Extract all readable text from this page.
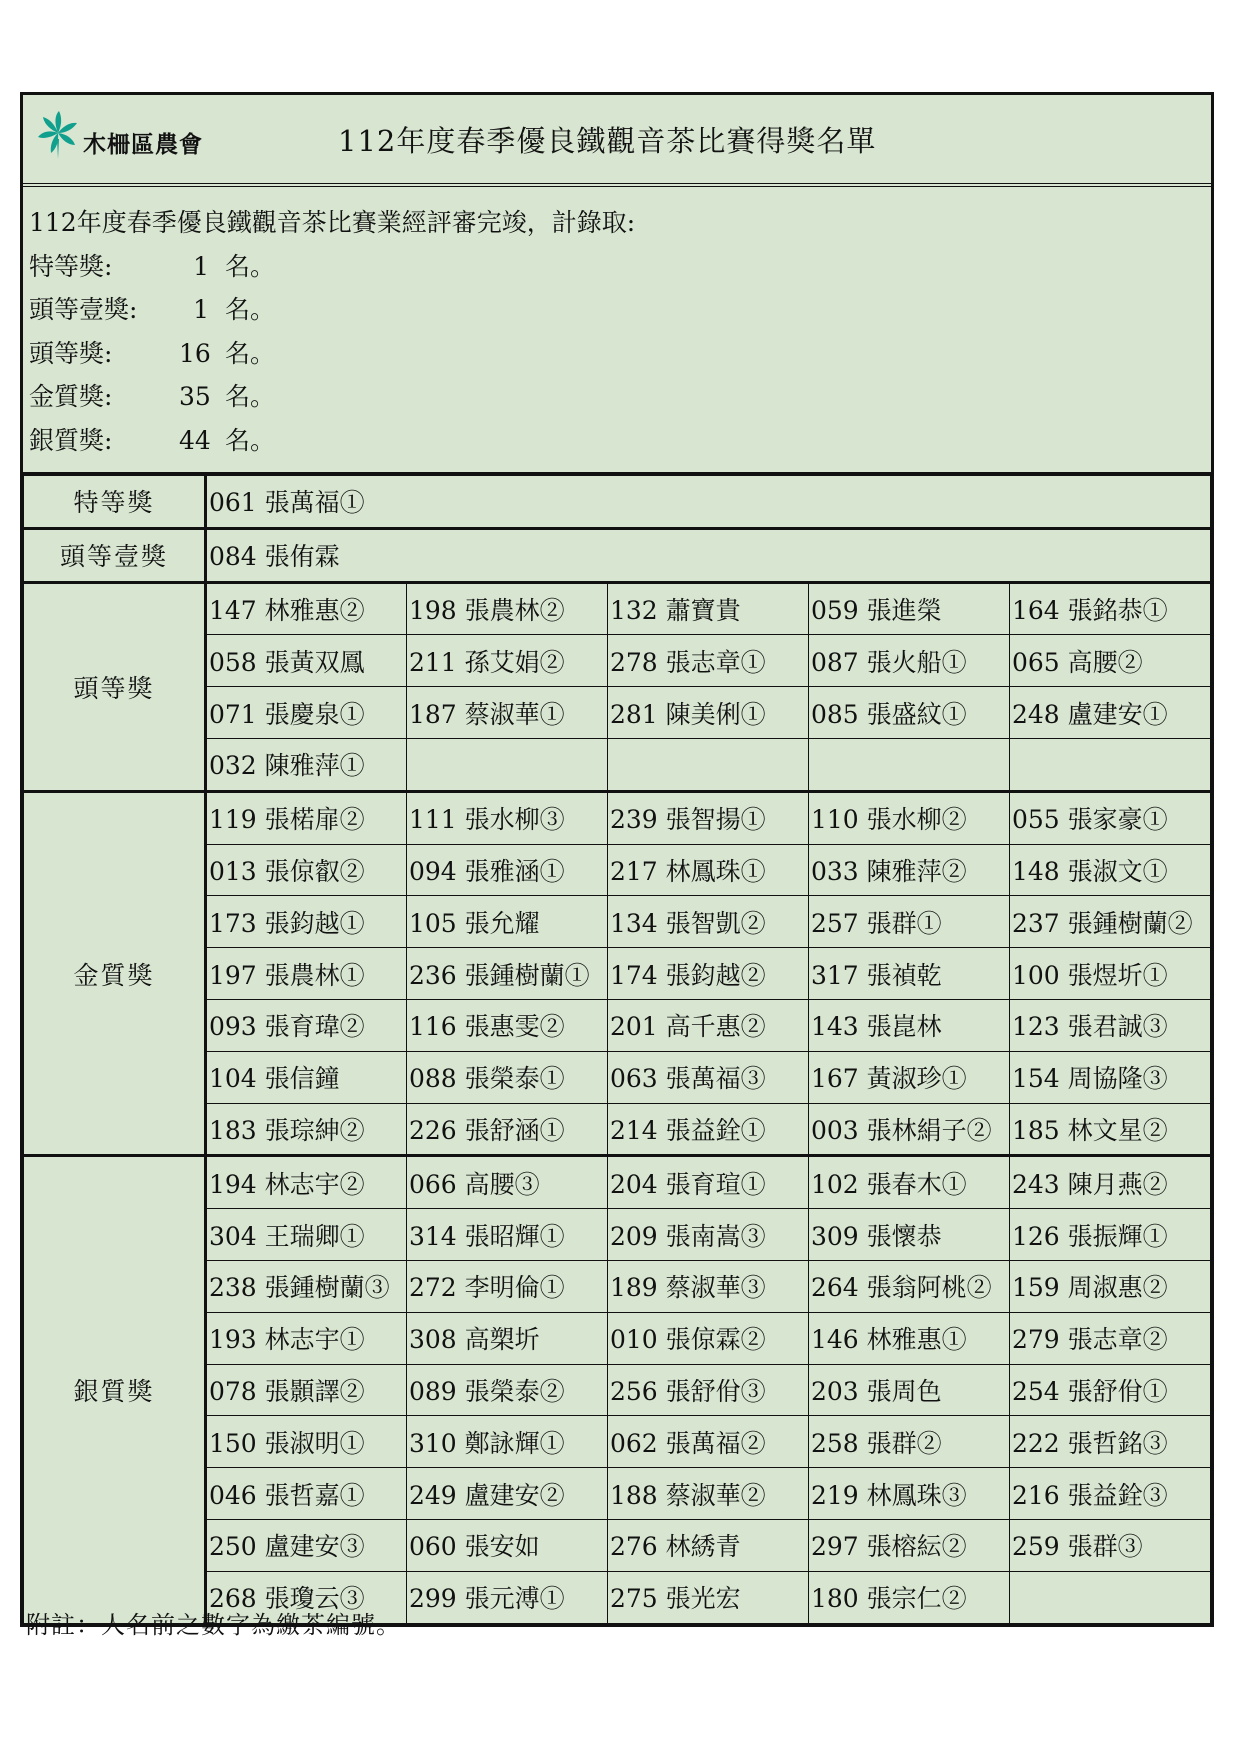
木柵區農會	112年度春季優良鐵觀音茶比賽得獎名單
112年度春季優良鐵觀音茶比賽業經評審完竣，計錄取:
特等獎:	1 名。
頭等壹獎: 1 名。
頭等獎:	16 名。
金質獎:	35 名。
銀質獎:	44 名。
特等獎	061 張萬福①				
頭等壹獎	084 張侑霖				
頭等獎	147 林雅惠②	198 張農林②	132 蕭寶貴	059 張進榮	164 張銘恭①
	058 張黃双鳳	211 孫艾娟②	278 張志章①	087 張火船①	065 高腰②
	071 張慶泉①	187 蔡淑華①	281 陳美俐①	085 張盛紋①	248 盧建安①
	032 陳雅萍①				
金質獎	119 張楉扉②	111 張水柳③	239 張智揚①	110 張水柳②	055 張家豪①
	013 張倞叡②	094 張雅涵①	217 林鳳珠①	033 陳雅萍②	148 張淑文①
	173 張鈞越①	105 張允耀	134 張智凱②	257 張群①	237 張鍾樹蘭②
	197 張農林①	236 張鍾樹蘭①	174 張鈞越②	317 張禎乾	100 張煜圻①
	093 張育瑋②	116 張惠雯②	201 高千惠②	143 張崑林	123 張君誠③
	104 張信鐘	088 張榮泰①	063 張萬福③	167 黃淑珍①	154 周協隆③
	183 張琮紳②	226 張舒涵①	214 張益銓①	003 張林絹子②	185 林文星②
銀質獎	194 林志宇②	066 高腰③	204 張育瑄①	102 張春木①	243 陳月燕②
	304 王瑞卿①	314 張昭輝①	209 張南嵩③	309 張懷恭	126 張振輝①
	238 張鍾樹蘭③	272 李明倫①	189 蔡淑華③	264 張翁阿桃②	159 周淑惠②
	193 林志宇①	308 高槊圻	010 張倞霖②	146 林雅惠①	279 張志章②
	078 張顥譯②	089 張榮泰②	256 張舒佾③	203 張周色	254 張舒佾①
	150 張淑明①	310 鄭詠輝①	062 張萬福②	258 張群②	222 張哲銘③
	046 張哲嘉①	249 盧建安②	188 蔡淑華②	219 林鳳珠③	216 張益銓③
	250 盧建安③	060 張安如	276 林綉青	297 張榕紜②	259 張群③
	268 張瓊云③	299 張元溥①	275 張光宏	180 張宗仁②	
附註：人名前之數字為繳茶編號。
